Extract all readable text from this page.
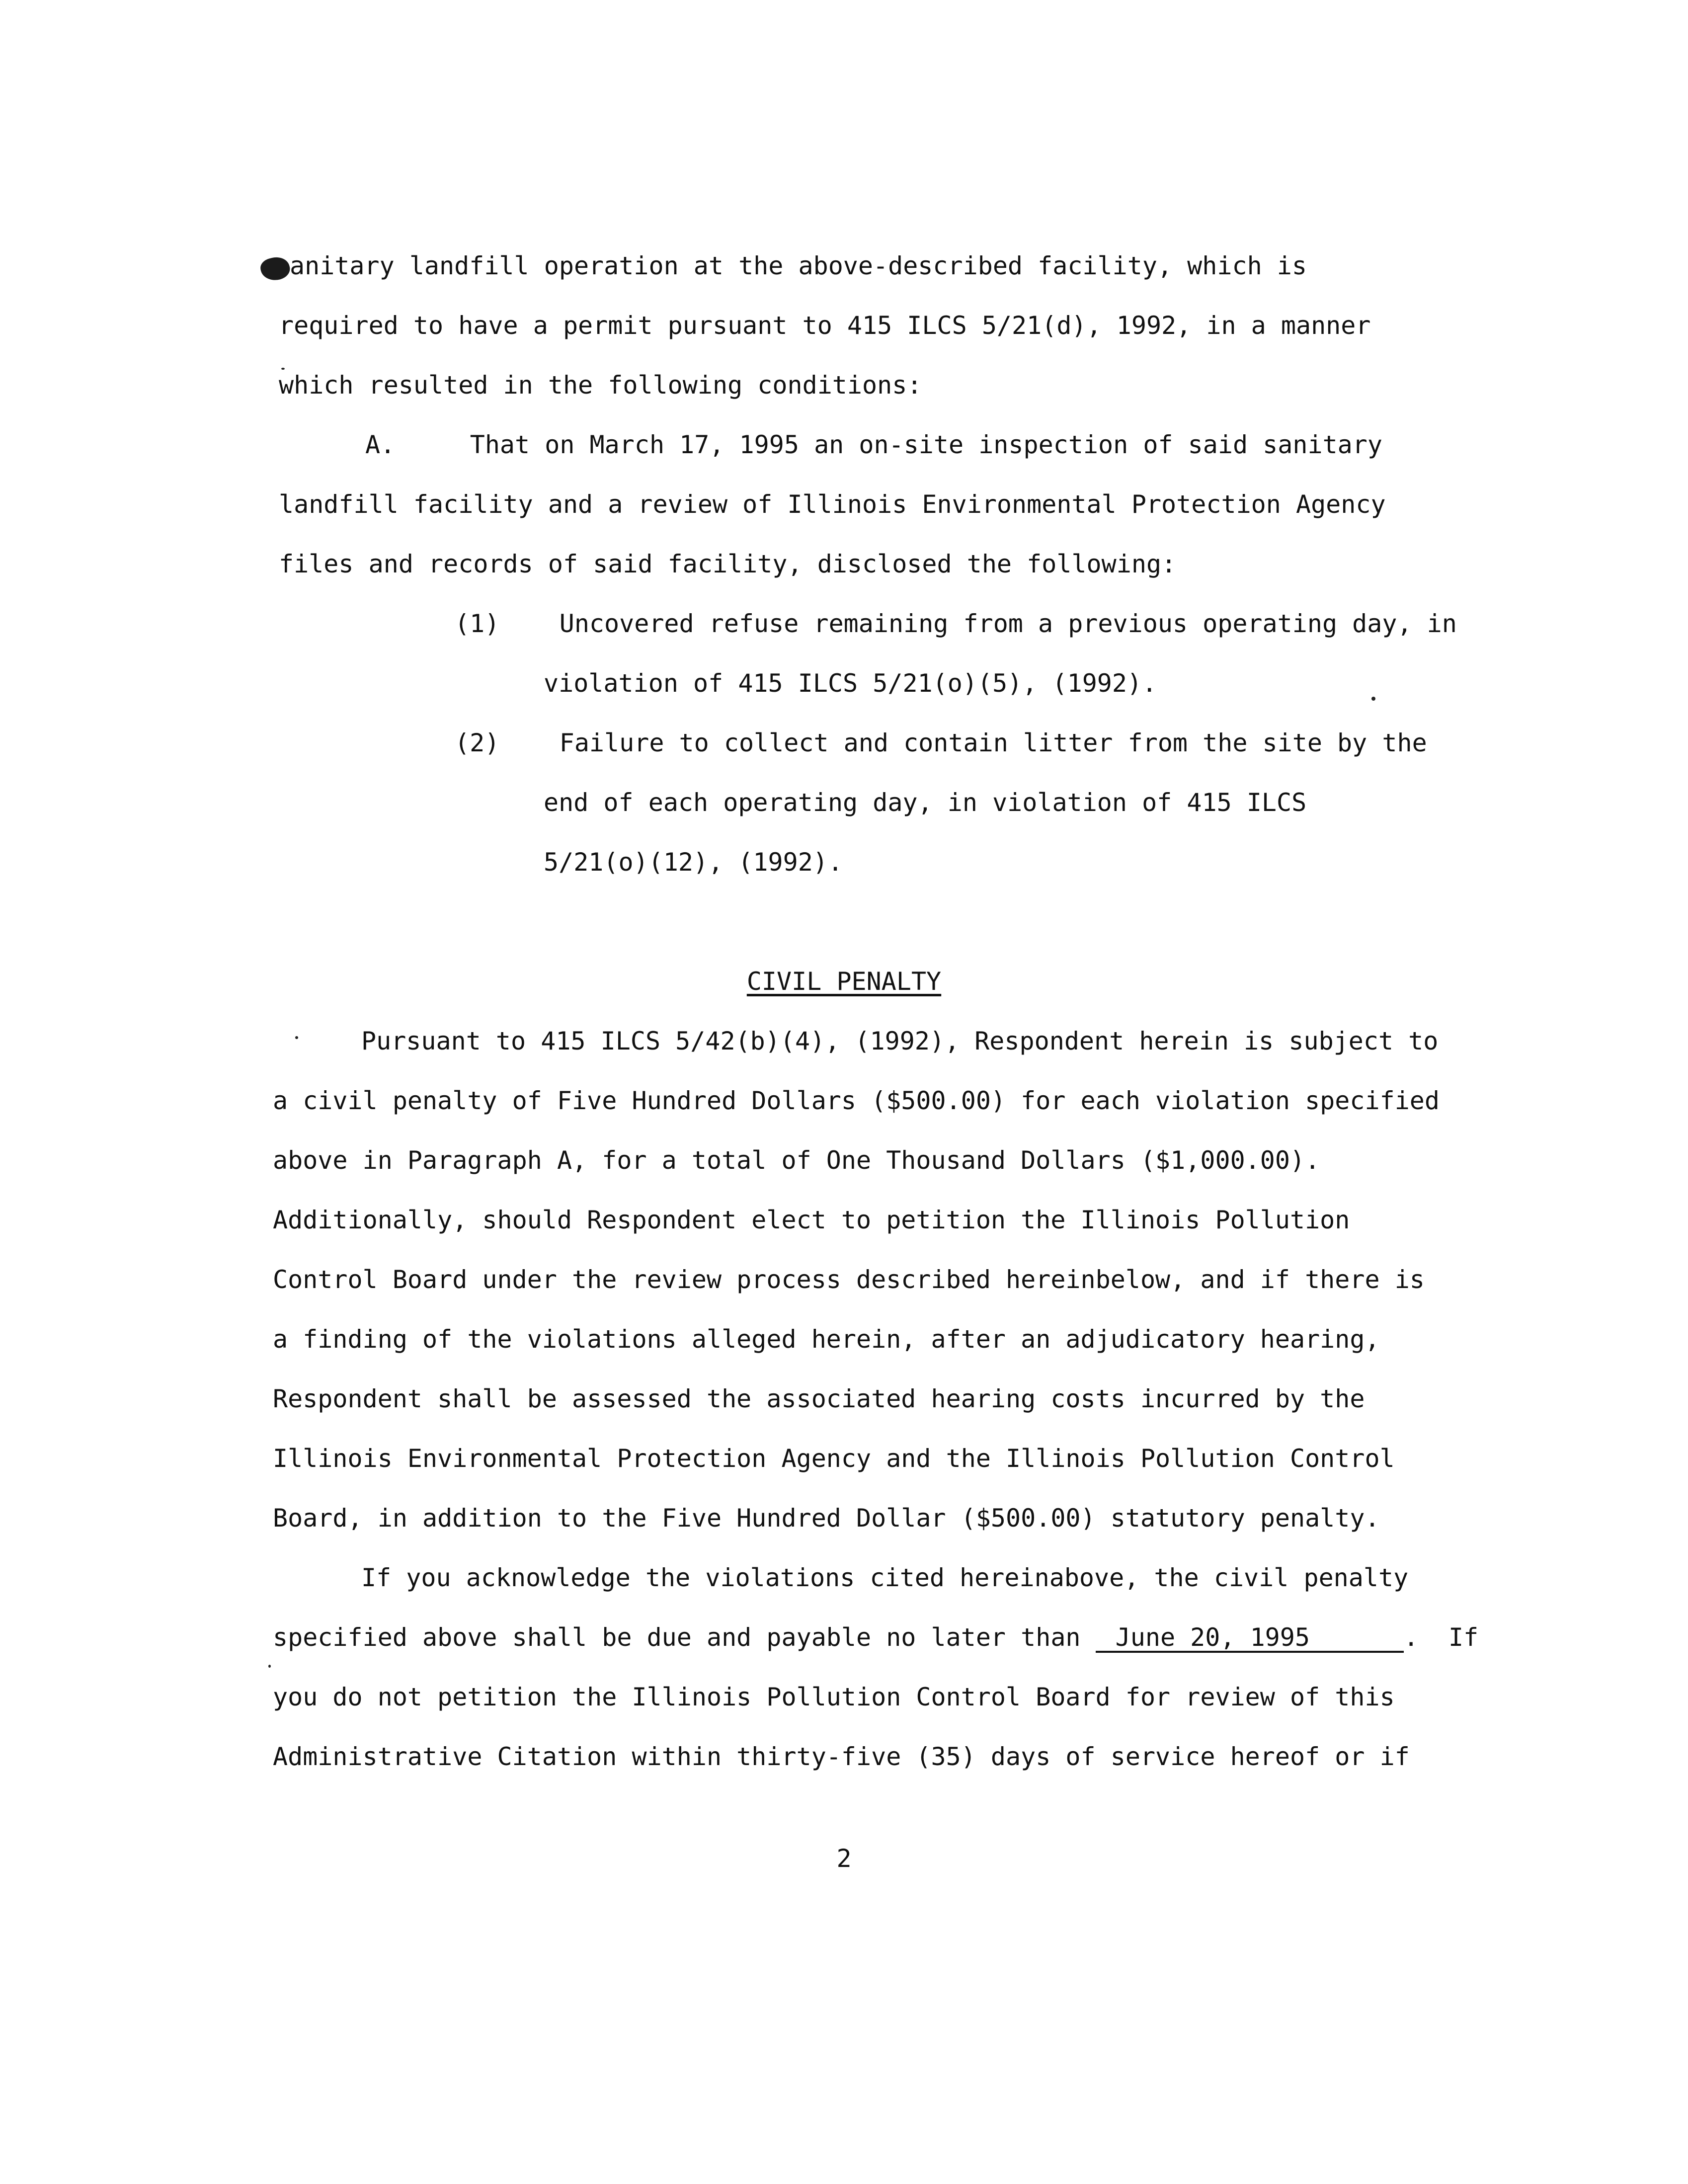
anitary landfill operation at the above-described facility, which is
required to have a permit pursuant to 415 ILCS 5/21(d), 1992, in a manner
which resulted in the following conditions:
A.     That on March 17, 1995 an on-site inspection of said sanitary
landfill facility and a review of Illinois Environmental Protection Agency
files and records of said facility, disclosed the following:
(1)    Uncovered refuse remaining from a previous operating day, in
violation of 415 ILCS 5/21(o)(5), (1992).
(2)    Failure to collect and contain litter from the site by the
end of each operating day, in violation of 415 ILCS
5/21(o)(12), (1992).
CIVIL PENALTY
Pursuant to 415 ILCS 5/42(b)(4), (1992), Respondent herein is subject to
a civil penalty of Five Hundred Dollars ($500.00) for each violation specified
above in Paragraph A, for a total of One Thousand Dollars ($1,000.00).
Additionally, should Respondent elect to petition the Illinois Pollution
Control Board under the review process described hereinbelow, and if there is
a finding of the violations alleged herein, after an adjudicatory hearing,
Respondent shall be assessed the associated hearing costs incurred by the
Illinois Environmental Protection Agency and the Illinois Pollution Control
Board, in addition to the Five Hundred Dollar ($500.00) statutory penalty.
If you acknowledge the violations cited hereinabove, the civil penalty
specified above shall be due and payable no later than June 20, 1995	.  If
you do not petition the Illinois Pollution Control Board for review of this
Administrative Citation within thirty-five (35) days of service hereof or if
2
